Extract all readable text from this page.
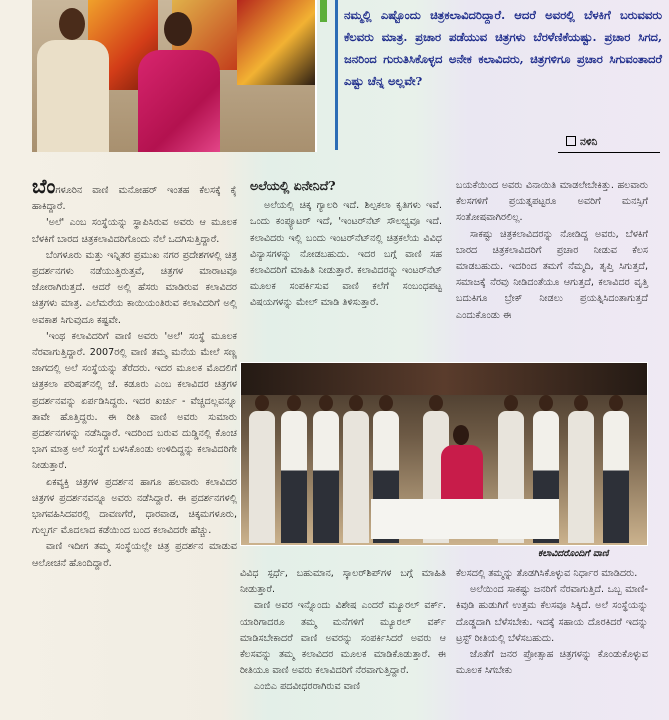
ನಮ್ಮಲ್ಲಿ ಎಷ್ಟೊಂದು ಚಿತ್ರಕಲಾವಿದರಿದ್ದಾರೆ. ಆದರೆ ಅವರಲ್ಲಿ ಬೆಳಕಿಗೆ ಬರುವವರು ಕೆಲವರು ಮಾತ್ರ. ಪ್ರಚಾರ ಪಡೆಯುವ ಚಿತ್ರಗಳು ಬೆರಳೆಣಿಕೆಯಷ್ಟು. ಪ್ರಚಾರ ಸಿಗದ, ಜನರಿಂದ ಗುರುತಿಸಿಕೊಳ್ಳದ ಅನೇಕ ಕಲಾವಿದರು, ಚಿತ್ರಗಳಿಗೂ ಪ್ರಚಾರ ಸಿಗುವಂತಾದರೆ ಎಷ್ಟು ಚೆನ್ನ ಅಲ್ಲವೇ?
ನಳಿನಿ

ಬೆಂಗಳೂರಿನ ವಾಣಿ ಮನೋಹರ್ ಇಂತಹ ಕೆಲಸಕ್ಕೆ ಕೈ ಹಾಕಿದ್ದಾರೆ.

'ಅಲೆ' ಎಂಬ ಸಂಸ್ಥೆಯನ್ನು ಸ್ಥಾಪಿಸಿರುವ ಅವರು ಆ ಮೂಲಕ ಬೆಳಕಿಗೆ ಬಾರದ ಚಿತ್ರಕಲಾವಿದರಿಗೊಂದು ನೆಲೆ ಒದಗಿಸುತ್ತಿದ್ದಾರೆ.

ಬೆಂಗಳೂರು ಮತ್ತು ಇನ್ನಿತರ ಪ್ರಮುಖ ನಗರ ಪ್ರದೇಶಗಳಲ್ಲಿ ಚಿತ್ರ ಪ್ರದರ್ಶನಗಳು ನಡೆಯುತ್ತಿರುತ್ತವೆ, ಚಿತ್ರಗಳ ಮಾರಾಟವೂ ಜೋರಾಗಿರುತ್ತದೆ. ಆದರೆ ಅಲ್ಲಿ ಹೆಸರು ಮಾಡಿರುವ ಕಲಾವಿದರ ಚಿತ್ರಗಳು ಮಾತ್ರ. ಎಲೆಮರೆಯ ಕಾಯಿಯಂತಿರುವ ಕಲಾವಿದರಿಗೆ ಅಲ್ಲಿ ಅವಕಾಶ ಸಿಗುವುದೂ ಕಷ್ಟವೇ.

'ಇಂಥ ಕಲಾವಿದರಿಗೆ ವಾಣಿ ಅವರು 'ಅಲೆ' ಸಂಸ್ಥೆ ಮೂಲಕ ನೆರವಾಗುತ್ತಿದ್ದಾರೆ. 2007ರಲ್ಲಿ ವಾಣಿ ತಮ್ಮ ಮನೆಯ ಮೇಲೆ ಸಣ್ಣ ಜಾಗದಲ್ಲಿ ಅಲೆ ಸಂಸ್ಥೆಯನ್ನು ತೆರೆದರು. ಇದರ ಮೂಲಕ ಮೊದಲಿಗೆ ಚಿತ್ರಕಲಾ ಪರಿಷತ್‌ನಲ್ಲಿ ಜೆ. ಕಡೂರು ಎಂಬ ಕಲಾವಿದರ ಚಿತ್ರಗಳ ಪ್ರದರ್ಶನವನ್ನು ಏರ್ಪಡಿಸಿದ್ದರು. ಇದರ ಖರ್ಚು - ವೆಚ್ಚದಲ್ಲವನ್ನೂ ತಾವೇ ಹೊತ್ತಿದ್ದರು. ಈ ರೀತಿ ವಾಣಿ ಅವರು ಸುಮಾರು ಪ್ರದರ್ಶನಗಳನ್ನು ನಡೆಸಿದ್ದಾರೆ. ಇದರಿಂದ ಬರುವ ದುಡ್ಡಿನಲ್ಲಿ ಕೊಂಚ ಭಾಗ ಮಾತ್ರ ಅಲೆ ಸಂಸ್ಥೆಗೆ ಬಳಸಿಕೊಂಡು ಉಳಿದಿದ್ದನ್ನು ಕಲಾವಿದರಿಗೇ ನೀಡುತ್ತಾರೆ.

ಏಕವ್ಯಕ್ತಿ ಚಿತ್ರಗಳ ಪ್ರದರ್ಶನ ಹಾಗೂ ಹಲವಾರು ಕಲಾವಿದರ ಚಿತ್ರಗಳ ಪ್ರದರ್ಶನವನ್ನೂ ಅವರು ನಡೆಸಿದ್ದಾರೆ. ಈ ಪ್ರದರ್ಶನಗಳಲ್ಲಿ ಭಾಗವಹಿಸಿದವರಲ್ಲಿ ದಾವಣಗೆರೆ, ಧಾರವಾಡ, ಚಿಕ್ಕಮಗಳೂರು, ಗುಲ್ಬರ್ಗ ಮೊದಲಾದ ಕಡೆಯಿಂದ ಬಂದ ಕಲಾವಿದರೇ ಹೆಚ್ಚು.

ವಾಣಿ ಇದೀಗ ತಮ್ಮ ಸಂಸ್ಥೆಯಲ್ಲೇ ಚಿತ್ರ ಪ್ರದರ್ಶನ ಮಾಡುವ ಆಲೋಚನೆ ಹೊಂದಿದ್ದಾರೆ.

ಅಲೆಯಲ್ಲಿ ಏನೇನಿದೆ?

ಅಲೆಯಲ್ಲಿ ಚಿಕ್ಕ ಗ್ಯಾಲರಿ ಇದೆ. ಶಿಲ್ಪಕಲಾ ಕೃತಿಗಳು ಇವೆ. ಒಂದು ಕಂಪ್ಯೂಟರ್ ಇದೆ, 'ಇಂಟರ್‌ನೆಟ್ ಸೌಲಭ್ಯವೂ ಇದೆ. ಕಲಾವಿದರು ಇಲ್ಲಿ ಬಂದು ಇಂಟರ್‌ನೆಟ್‌ನಲ್ಲಿ ಚಿತ್ರಕಲೆಯ ವಿವಿಧ ವಿನ್ಯಾಸಗಳನ್ನು ನೋಡಬಹುದು. ಇದರ ಬಗ್ಗೆ ವಾಣಿ ಸಹ ಕಲಾವಿದರಿಗೆ ಮಾಹಿತಿ ನೀಡುತ್ತಾರೆ. ಕಲಾವಿದರನ್ನು ಇಂಟರ್‌ನೆಟ್ ಮೂಲಕ ಸಂಪರ್ಕಿಸುವ ವಾಣಿ ಕಲೆಗೆ ಸಂಬಂಧಪಟ್ಟ ವಿಷಯಗಳನ್ನು ಮೇಲ್ ಮಾಡಿ ತಿಳಿಸುತ್ತಾರೆ.

ಬಯಕೆಯಿಂದ ಅವರು ವಿನಾಯಿತಿ ಮಾಡಲೇಬೇಕಿತ್ತು. ಹಲವಾರು ಕೆಲಸಗಳಿಗೆ ಪ್ರಯತ್ನಪಟ್ಟರೂ ಅವರಿಗೆ ಮನಸ್ಸಿಗೆ ಸಂತೋಷವಾಗಿರಲಿಲ್ಲ.

ಸಾಕಷ್ಟು ಚಿತ್ರಕಲಾವಿದರನ್ನು ನೋಡಿದ್ದ ಅವರು, ಬೆಳಕಿಗೆ ಬಾರದ ಚಿತ್ರಕಲಾವಿದರಿಗೆ ಪ್ರಚಾರ ನೀಡುವ ಕೆಲಸ ಮಾಡಬಹುದು. ಇದರಿಂದ ತಮಗೆ ನೆಮ್ಮದಿ, ತೃಪ್ತಿ ಸಿಗುತ್ತದೆ, ಸಮಾಜಕ್ಕೆ ನೆರವು ನೀಡಿದಂತೆಯೂ ಆಗುತ್ತದೆ, ಕಲಾವಿದರ ವೃತ್ತಿ ಬದುಕಿಗೂ ಬ್ರೇಕ್ ನೀಡಲು ಪ್ರಯತ್ನಿಸಿದಂತಾಗುತ್ತದೆ ಎಂದುಕೊಂಡು ಈ

ಕಲಾವಿದರೊಂದಿಗೆ ವಾಣಿ

ವಿವಿಧ ಸ್ಪರ್ಧೆ, ಬಹುಮಾನ, ಸ್ಕಾಲರ್‌ಶಿಪ್‌ಗಳ ಬಗ್ಗೆ ಮಾಹಿತಿ ನೀಡುತ್ತಾರೆ.

ವಾಣಿ ಅವರ ಇನ್ನೊಂದು ವಿಶೇಷ ಎಂದರೆ ಮ್ಯೂರಲ್ ವರ್ಕ್. ಯಾರಿಗಾದರೂ ತಮ್ಮ ಮನೆಗಳಿಗೆ ಮ್ಯೂರಲ್ ವರ್ಕ್ ಮಾಡಿಸಬೇಕಾದರೆ ವಾಣಿ ಅವರನ್ನು ಸಂಪರ್ಕಿಸಿದರೆ ಅವರು ಆ ಕೆಲಸವನ್ನು ತಮ್ಮ ಕಲಾವಿದರ ಮೂಲಕ ಮಾಡಿಕೊಡುತ್ತಾರೆ. ಈ ರೀತಿಯೂ ವಾಣಿ ಅವರು ಕಲಾವಿದರಿಗೆ ನೆರವಾಗುತ್ತಿದ್ದಾರೆ.

ಎಂಬಿಎ ಪದವೀಧರರಾಗಿರುವ ವಾಣಿ

ಕೆಲಸದಲ್ಲಿ ತಮ್ಮನ್ನು ತೊಡಗಿಸಿಕೊಳ್ಳುವ ನಿರ್ಧಾರ ಮಾಡಿದರು.

ಅಲೆಯಿಂದ ಸಾಕಷ್ಟು ಜನರಿಗೆ ನೆರವಾಗುತ್ತಿದೆ. ಒಬ್ಬ ಮಾಣಿ-ಕಿವುಡಿ ಹುಡುಗಿಗೆ ಉತ್ತಮ ಕೆಲಸವೂ ಸಿಕ್ಕಿದೆ. ಅಲೆ ಸಂಸ್ಥೆಯನ್ನು ದೊಡ್ಡದಾಗಿ ಬೆಳೆಸಬೇಕು. ಇದಕ್ಕೆ ಸಹಾಯ ದೊರಕಿದರೆ ಇದನ್ನು ಟ್ರಸ್ಟ್ ರೀತಿಯಲ್ಲಿ ಬೆಳೆಸಬಹುದು.

ಜೊತೆಗೆ ಜನರ ಪ್ರೋತ್ಸಾಹ ಚಿತ್ರಗಳನ್ನು ಕೊಂಡುಕೊಳ್ಳುವ ಮೂಲಕ ಸಿಗಬೇಕು
